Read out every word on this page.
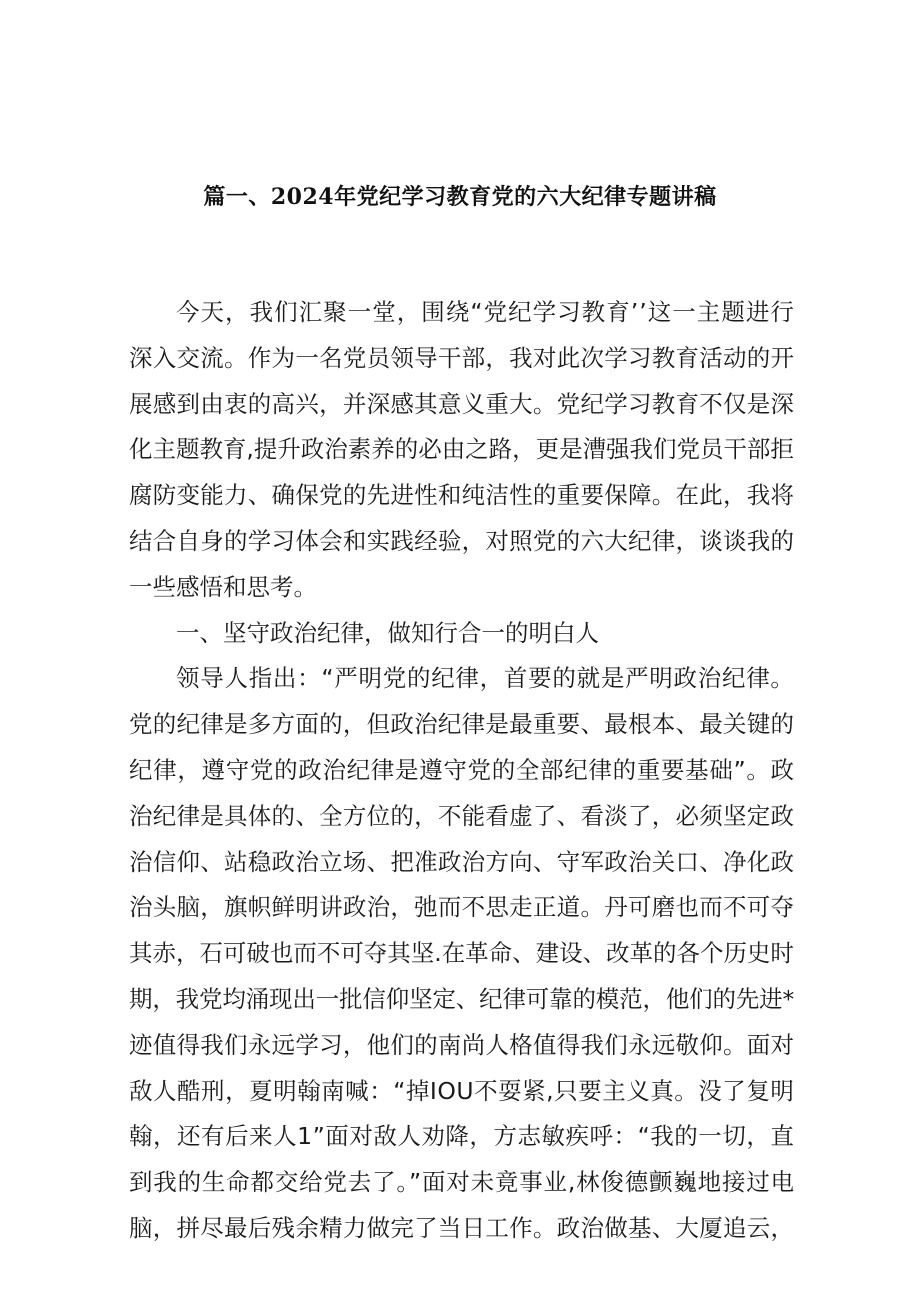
篇一、2024年党纪学习教育党的六大纪律专题讲稿
今天，我们汇聚一堂，围绕“党纪学习教育’’这一主题进行
深入交流。作为一名党员领导干部，我对此次学习教育活动的开
展感到由衷的高兴，并深感其意义重大。党纪学习教育不仅是深
化主题教育,提升政治素养的必由之路，更是漕强我们党员干部拒
腐防变能力、确保党的先进性和纯洁性的重要保障。在此，我将
结合自身的学习体会和实践经验，对照党的六大纪律，谈谈我的
一些感悟和思考。
一、坚守政治纪律，做知行合一的明白人
领导人指出：“严明党的纪律，首要的就是严明政治纪律。
党的纪律是多方面的，但政治纪律是最重要、最根本、最关键的
纪律，遵守党的政治纪律是遵守党的全部纪律的重要基础”。政
治纪律是具体的、全方位的，不能看虚了、看淡了，必须坚定政
治信仰、站稳政治立场、把准政治方向、守军政治关口、净化政
治头脑，旗帜鲜明讲政治，弛而不思走正道。丹可磨也而不可夺
其赤，石可破也而不可夺其坚.在革命、建设、改革的各个历史时
期，我党均涌现出一批信仰坚定、纪律可靠的模范，他们的先进*
迹值得我们永远学习，他们的南尚人格值得我们永远敬仰。面对
敌人酷刑，夏明翰南喊：“掉IOU不耍紧,只要主义真。没了复明
翰，还有后来人1”面对敌人劝降，方志敏疾呼：“我的一切，直
到我的生命都交给党去了。”面对未竟事业,林俊德颤巍地接过电
脑，拼尽最后残余精力做完了当日工作。政治做基、大厦追云，
